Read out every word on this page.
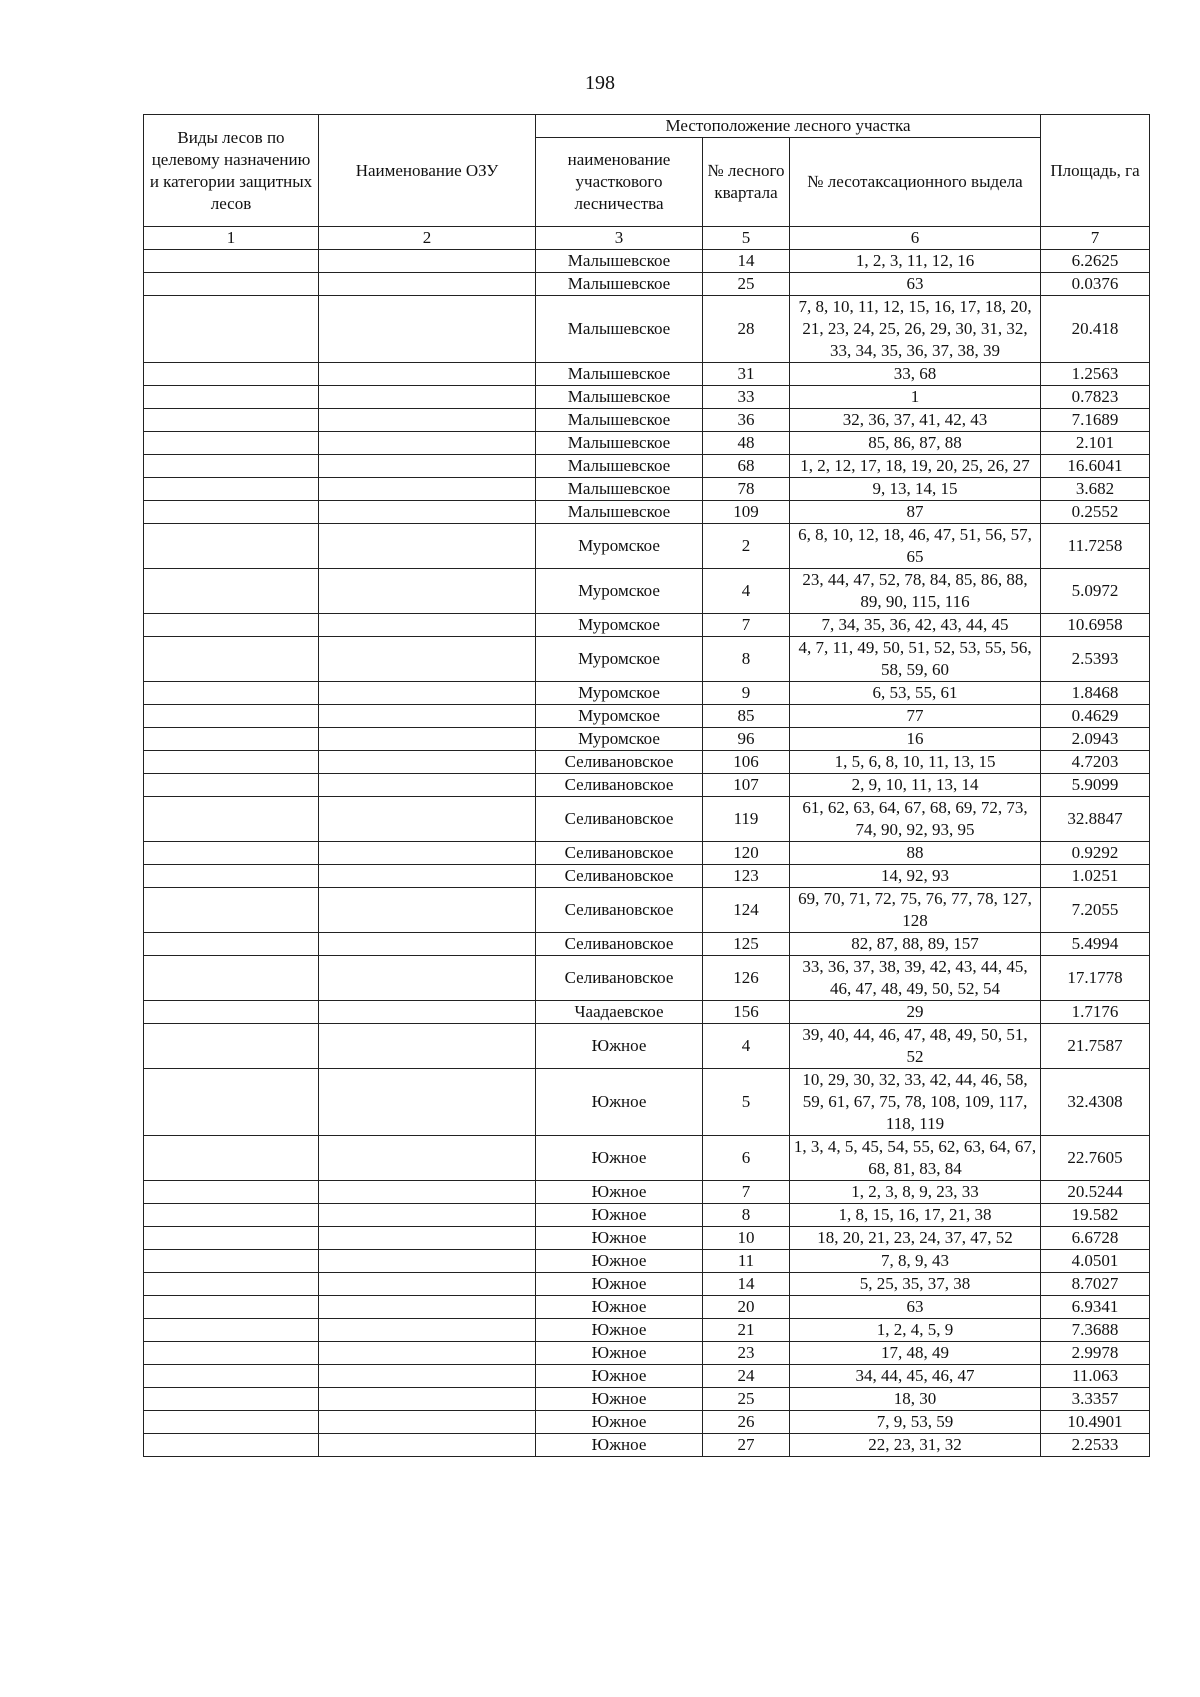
198
Виды лесов по целевому назначению и категории защитных лесов	Наименование ОЗУ	Местоположение лесного участка			Площадь, га
		наименование участкового лесничества	№ лесного квартала	№ лесотаксационного выдела	
1	2	3	5	6	7
		Малышевское	14	1, 2, 3, 11, 12, 16	6.2625
		Малышевское	25	63	0.0376
		Малышевское	28	7, 8, 10, 11, 12, 15, 16, 17, 18, 20, 21, 23, 24, 25, 26, 29, 30, 31, 32, 33, 34, 35, 36, 37, 38, 39	20.418
		Малышевское	31	33, 68	1.2563
		Малышевское	33	1	0.7823
		Малышевское	36	32, 36, 37, 41, 42, 43	7.1689
		Малышевское	48	85, 86, 87, 88	2.101
		Малышевское	68	1, 2, 12, 17, 18, 19, 20, 25, 26, 27	16.6041
		Малышевское	78	9, 13, 14, 15	3.682
		Малышевское	109	87	0.2552
		Муромское	2	6, 8, 10, 12, 18, 46, 47, 51, 56, 57, 65	11.7258
		Муромское	4	23, 44, 47, 52, 78, 84, 85, 86, 88, 89, 90, 115, 116	5.0972
		Муромское	7	7, 34, 35, 36, 42, 43, 44, 45	10.6958
		Муромское	8	4, 7, 11, 49, 50, 51, 52, 53, 55, 56, 58, 59, 60	2.5393
		Муромское	9	6, 53, 55, 61	1.8468
		Муромское	85	77	0.4629
		Муромское	96	16	2.0943
		Селивановское	106	1, 5, 6, 8, 10, 11, 13, 15	4.7203
		Селивановское	107	2, 9, 10, 11, 13, 14	5.9099
		Селивановское	119	61, 62, 63, 64, 67, 68, 69, 72, 73, 74, 90, 92, 93, 95	32.8847
		Селивановское	120	88	0.9292
		Селивановское	123	14, 92, 93	1.0251
		Селивановское	124	69, 70, 71, 72, 75, 76, 77, 78, 127, 128	7.2055
		Селивановское	125	82, 87, 88, 89, 157	5.4994
		Селивановское	126	33, 36, 37, 38, 39, 42, 43, 44, 45, 46, 47, 48, 49, 50, 52, 54	17.1778
		Чаадаевское	156	29	1.7176
		Южное	4	39, 40, 44, 46, 47, 48, 49, 50, 51, 52	21.7587
		Южное	5	10, 29, 30, 32, 33, 42, 44, 46, 58, 59, 61, 67, 75, 78, 108, 109, 117, 118, 119	32.4308
		Южное	6	1, 3, 4, 5, 45, 54, 55, 62, 63, 64, 67, 68, 81, 83, 84	22.7605
		Южное	7	1, 2, 3, 8, 9, 23, 33	20.5244
		Южное	8	1, 8, 15, 16, 17, 21, 38	19.582
		Южное	10	18, 20, 21, 23, 24, 37, 47, 52	6.6728
		Южное	11	7, 8, 9, 43	4.0501
		Южное	14	5, 25, 35, 37, 38	8.7027
		Южное	20	63	6.9341
		Южное	21	1, 2, 4, 5, 9	7.3688
		Южное	23	17, 48, 49	2.9978
		Южное	24	34, 44, 45, 46, 47	11.063
		Южное	25	18, 30	3.3357
		Южное	26	7, 9, 53, 59	10.4901
		Южное	27	22, 23, 31, 32	2.2533
